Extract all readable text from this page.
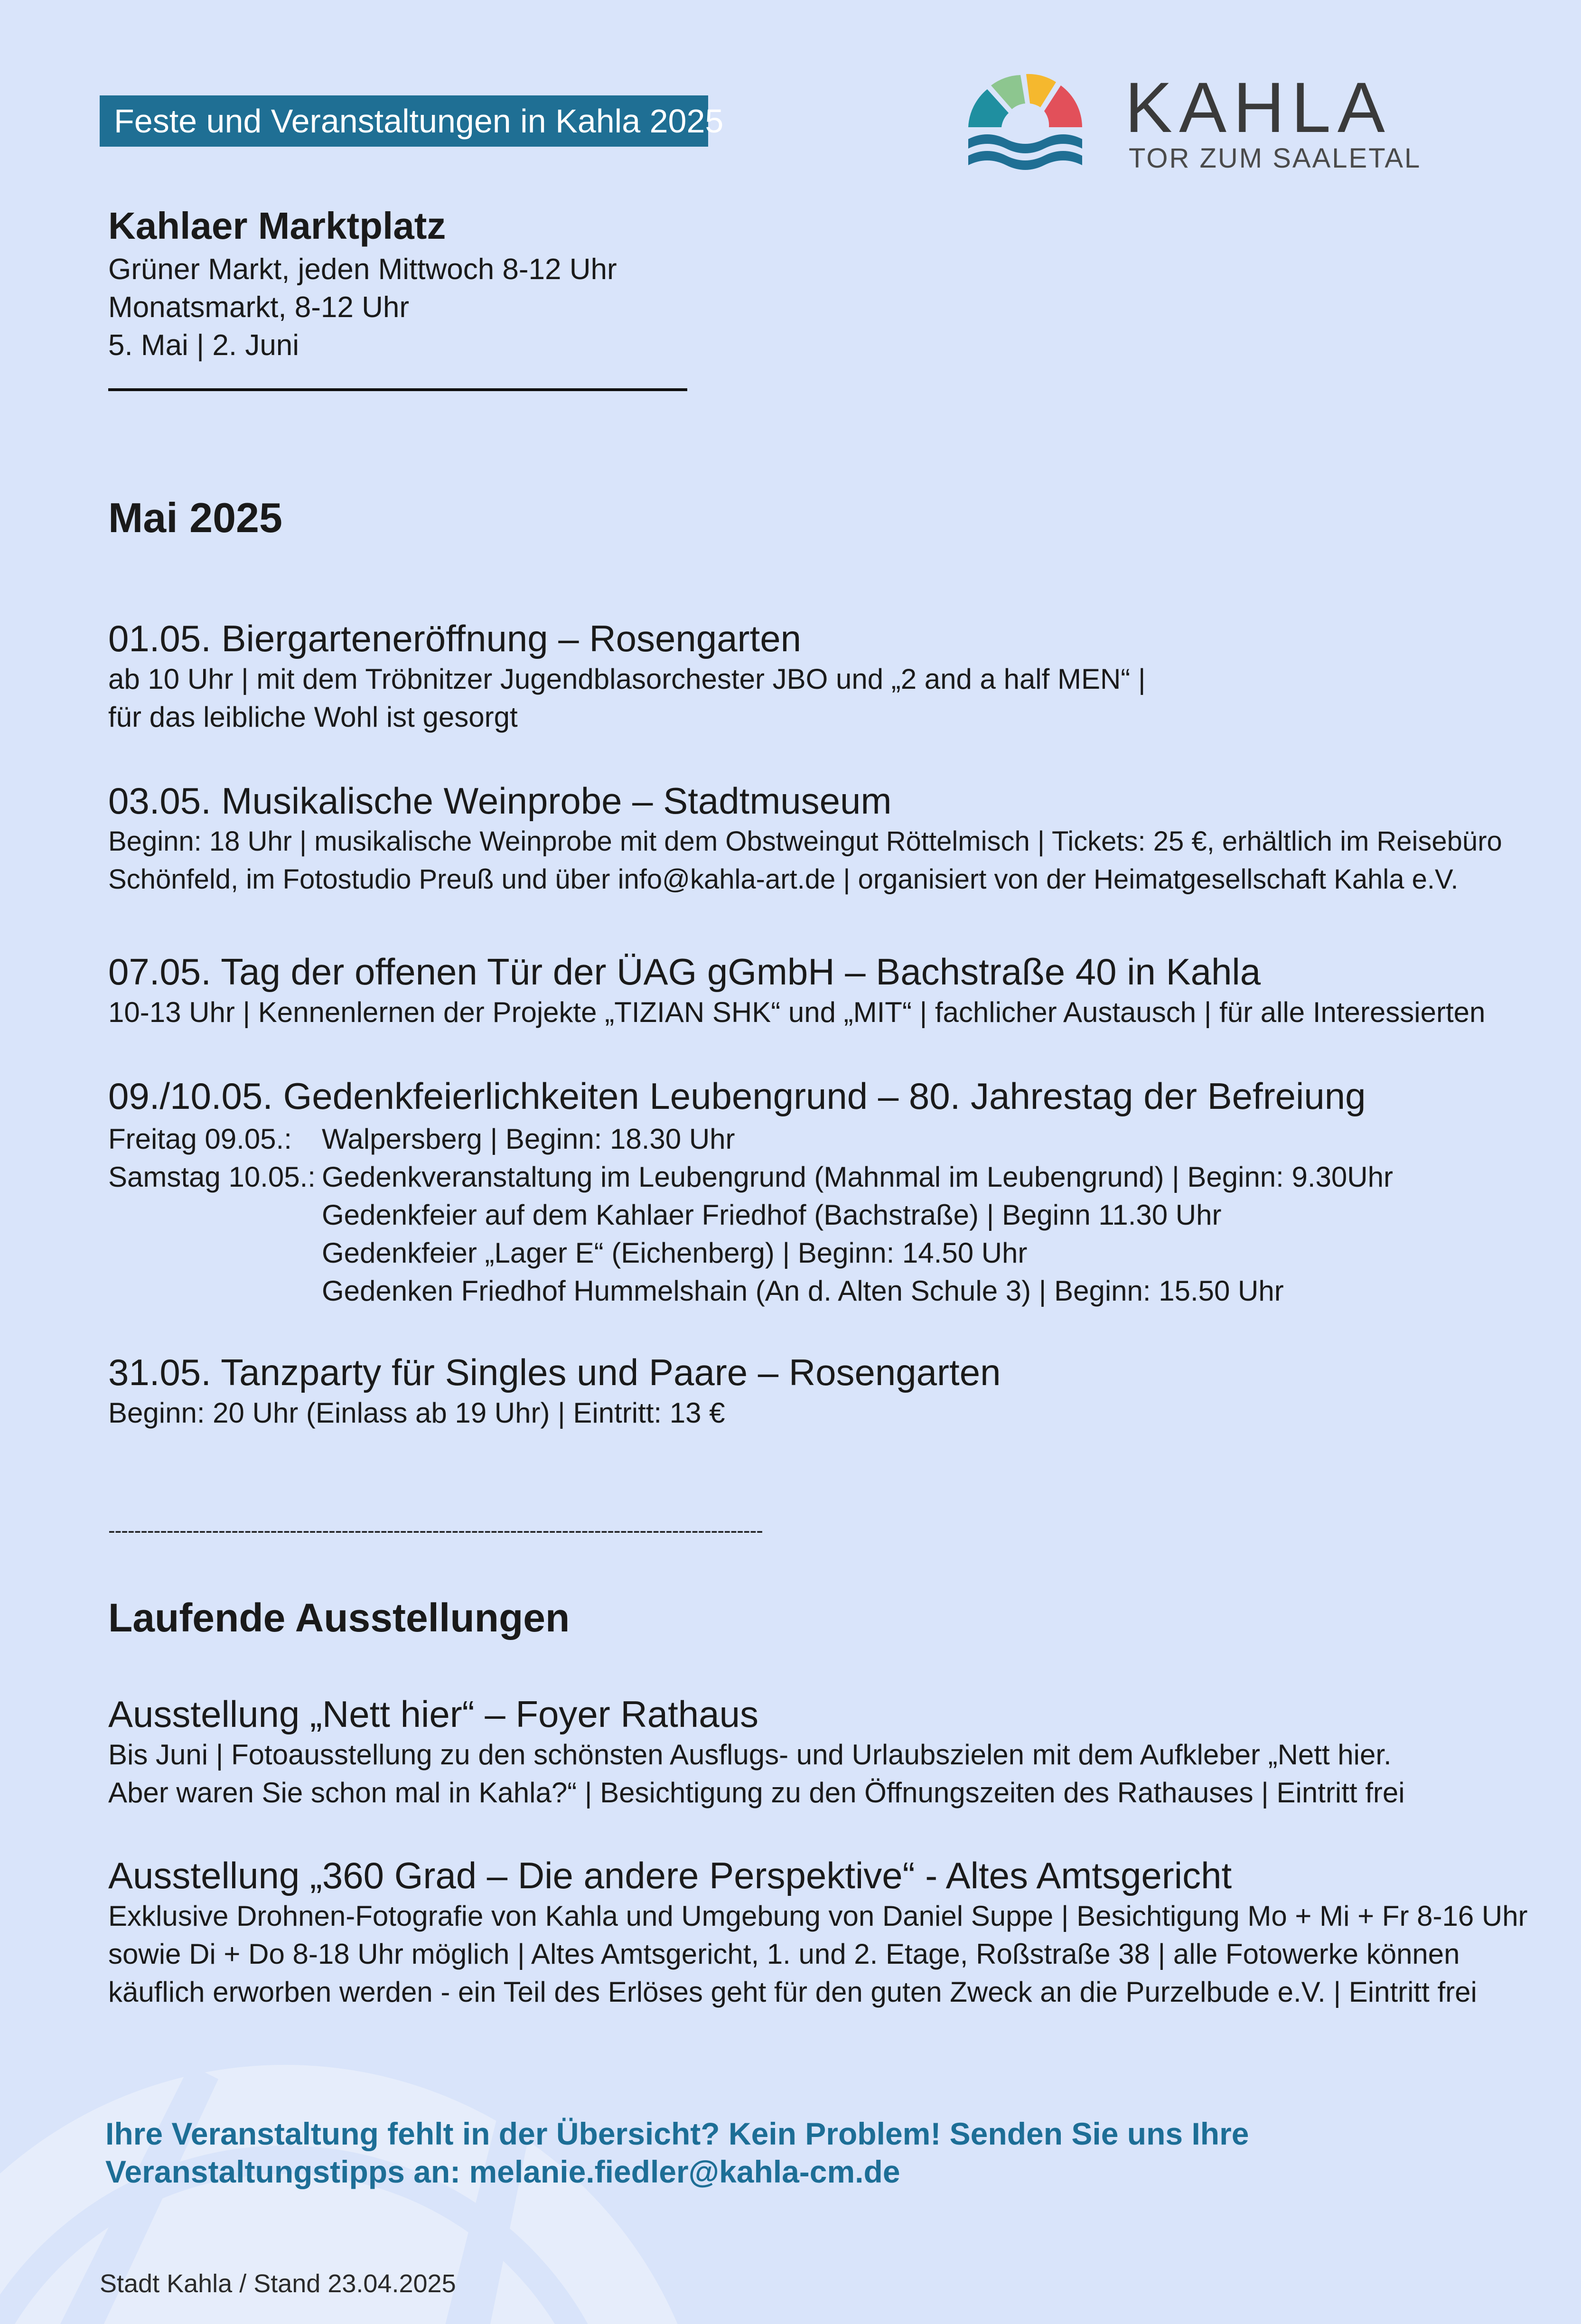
Feste und Veranstaltungen in Kahla 2025	KAHLA
TOR ZUM SAALETAL
Kahlaer Marktplatz
Grüner Markt, jeden Mittwoch 8-12 Uhr
Monatsmarkt, 8-12 Uhr
5. Mai | 2. Juni
Mai 2025
01.05. Biergarteneröffnung – Rosengarten
ab 10 Uhr | mit dem Tröbnitzer Jugendblasorchester JBO und „2 and a half MEN“ |
für das leibliche Wohl ist gesorgt
03.05. Musikalische Weinprobe – Stadtmuseum
Beginn: 18 Uhr | musikalische Weinprobe mit dem Obstweingut Röttelmisch | Tickets: 25 €, erhältlich im Reisebüro
Schönfeld, im Fotostudio Preuß und über info@kahla-art.de | organisiert von der Heimatgesellschaft Kahla e.V.
07.05. Tag der offenen Tür der ÜAG gGmbH – Bachstraße 40 in Kahla
10-13 Uhr | Kennenlernen der Projekte „TIZIAN SHK“ und „MIT“ | fachlicher Austausch | für alle Interessierten
09./10.05. Gedenkfeierlichkeiten Leubengrund – 80. Jahrestag der Befreiung
Freitag 09.05.: Walpersberg | Beginn: 18.30 Uhr
Samstag 10.05.: Gedenkveranstaltung im Leubengrund (Mahnmal im Leubengrund) | Beginn: 9.30Uhr
Gedenkfeier auf dem Kahlaer Friedhof (Bachstraße) | Beginn 11.30 Uhr
Gedenkfeier „Lager E“ (Eichenberg) | Beginn: 14.50 Uhr
Gedenken Friedhof Hummelshain (An d. Alten Schule 3) | Beginn: 15.50 Uhr
31.05. Tanzparty für Singles und Paare – Rosengarten
Beginn: 20 Uhr (Einlass ab 19 Uhr) | Eintritt: 13 €
-----------------------------------------------------------------------------------------------------
Laufende Ausstellungen
Ausstellung „Nett hier“ – Foyer Rathaus
Bis Juni | Fotoausstellung zu den schönsten Ausflugs- und Urlaubszielen mit dem Aufkleber „Nett hier.
Aber waren Sie schon mal in Kahla?“ | Besichtigung zu den Öffnungszeiten des Rathauses | Eintritt frei
Ausstellung „360 Grad – Die andere Perspektive“ - Altes Amtsgericht
Exklusive Drohnen-Fotografie von Kahla und Umgebung von Daniel Suppe | Besichtigung Mo + Mi + Fr 8-16 Uhr
sowie Di + Do 8-18 Uhr möglich | Altes Amtsgericht, 1. und 2. Etage, Roßstraße 38 | alle Fotowerke können
käuflich erworben werden - ein Teil des Erlöses geht für den guten Zweck an die Purzelbude e.V. | Eintritt frei
Ihre Veranstaltung fehlt in der Übersicht? Kein Problem! Senden Sie uns Ihre
Veranstaltungstipps an: melanie.fiedler@kahla-cm.de
Stadt Kahla / Stand 23.04.2025
